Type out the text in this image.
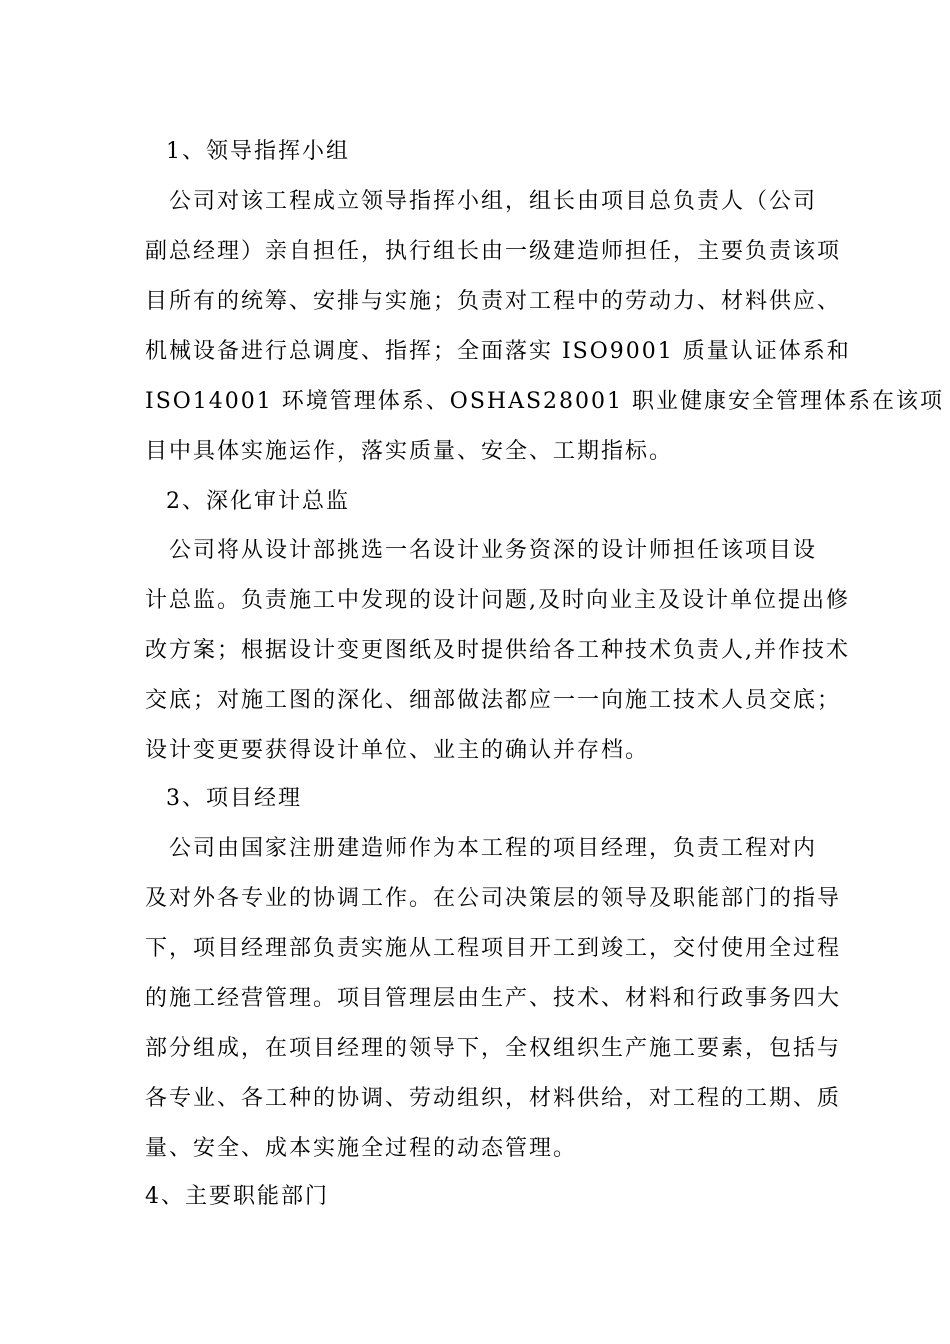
1、领导指挥小组
　公司对该工程成立领导指挥小组，组长由项目总负责人（公司
副总经理）亲自担任，执行组长由一级建造师担任，主要负责该项
目所有的统筹、安排与实施；负责对工程中的劳动力、材料供应、
机械设备进行总调度、指挥；全面落实 ISO9001 质量认证体系和
ISO14001 环境管理体系、OSHAS28001 职业健康安全管理体系在该项
目中具体实施运作，落实质量、安全、工期指标。
2、深化审计总监
　公司将从设计部挑选一名设计业务资深的设计师担任该项目设
计总监。负责施工中发现的设计问题,及时向业主及设计单位提出修
改方案；根据设计变更图纸及时提供给各工种技术负责人,并作技术
交底；对施工图的深化、细部做法都应一一向施工技术人员交底；
设计变更要获得设计单位、业主的确认并存档。
3、项目经理
　公司由国家注册建造师作为本工程的项目经理，负责工程对内
及对外各专业的协调工作。在公司决策层的领导及职能部门的指导
下，项目经理部负责实施从工程项目开工到竣工，交付使用全过程
的施工经营管理。项目管理层由生产、技术、材料和行政事务四大
部分组成，在项目经理的领导下，全权组织生产施工要素，包括与
各专业、各工种的协调、劳动组织，材料供给，对工程的工期、质
量、安全、成本实施全过程的动态管理。
4、主要职能部门
